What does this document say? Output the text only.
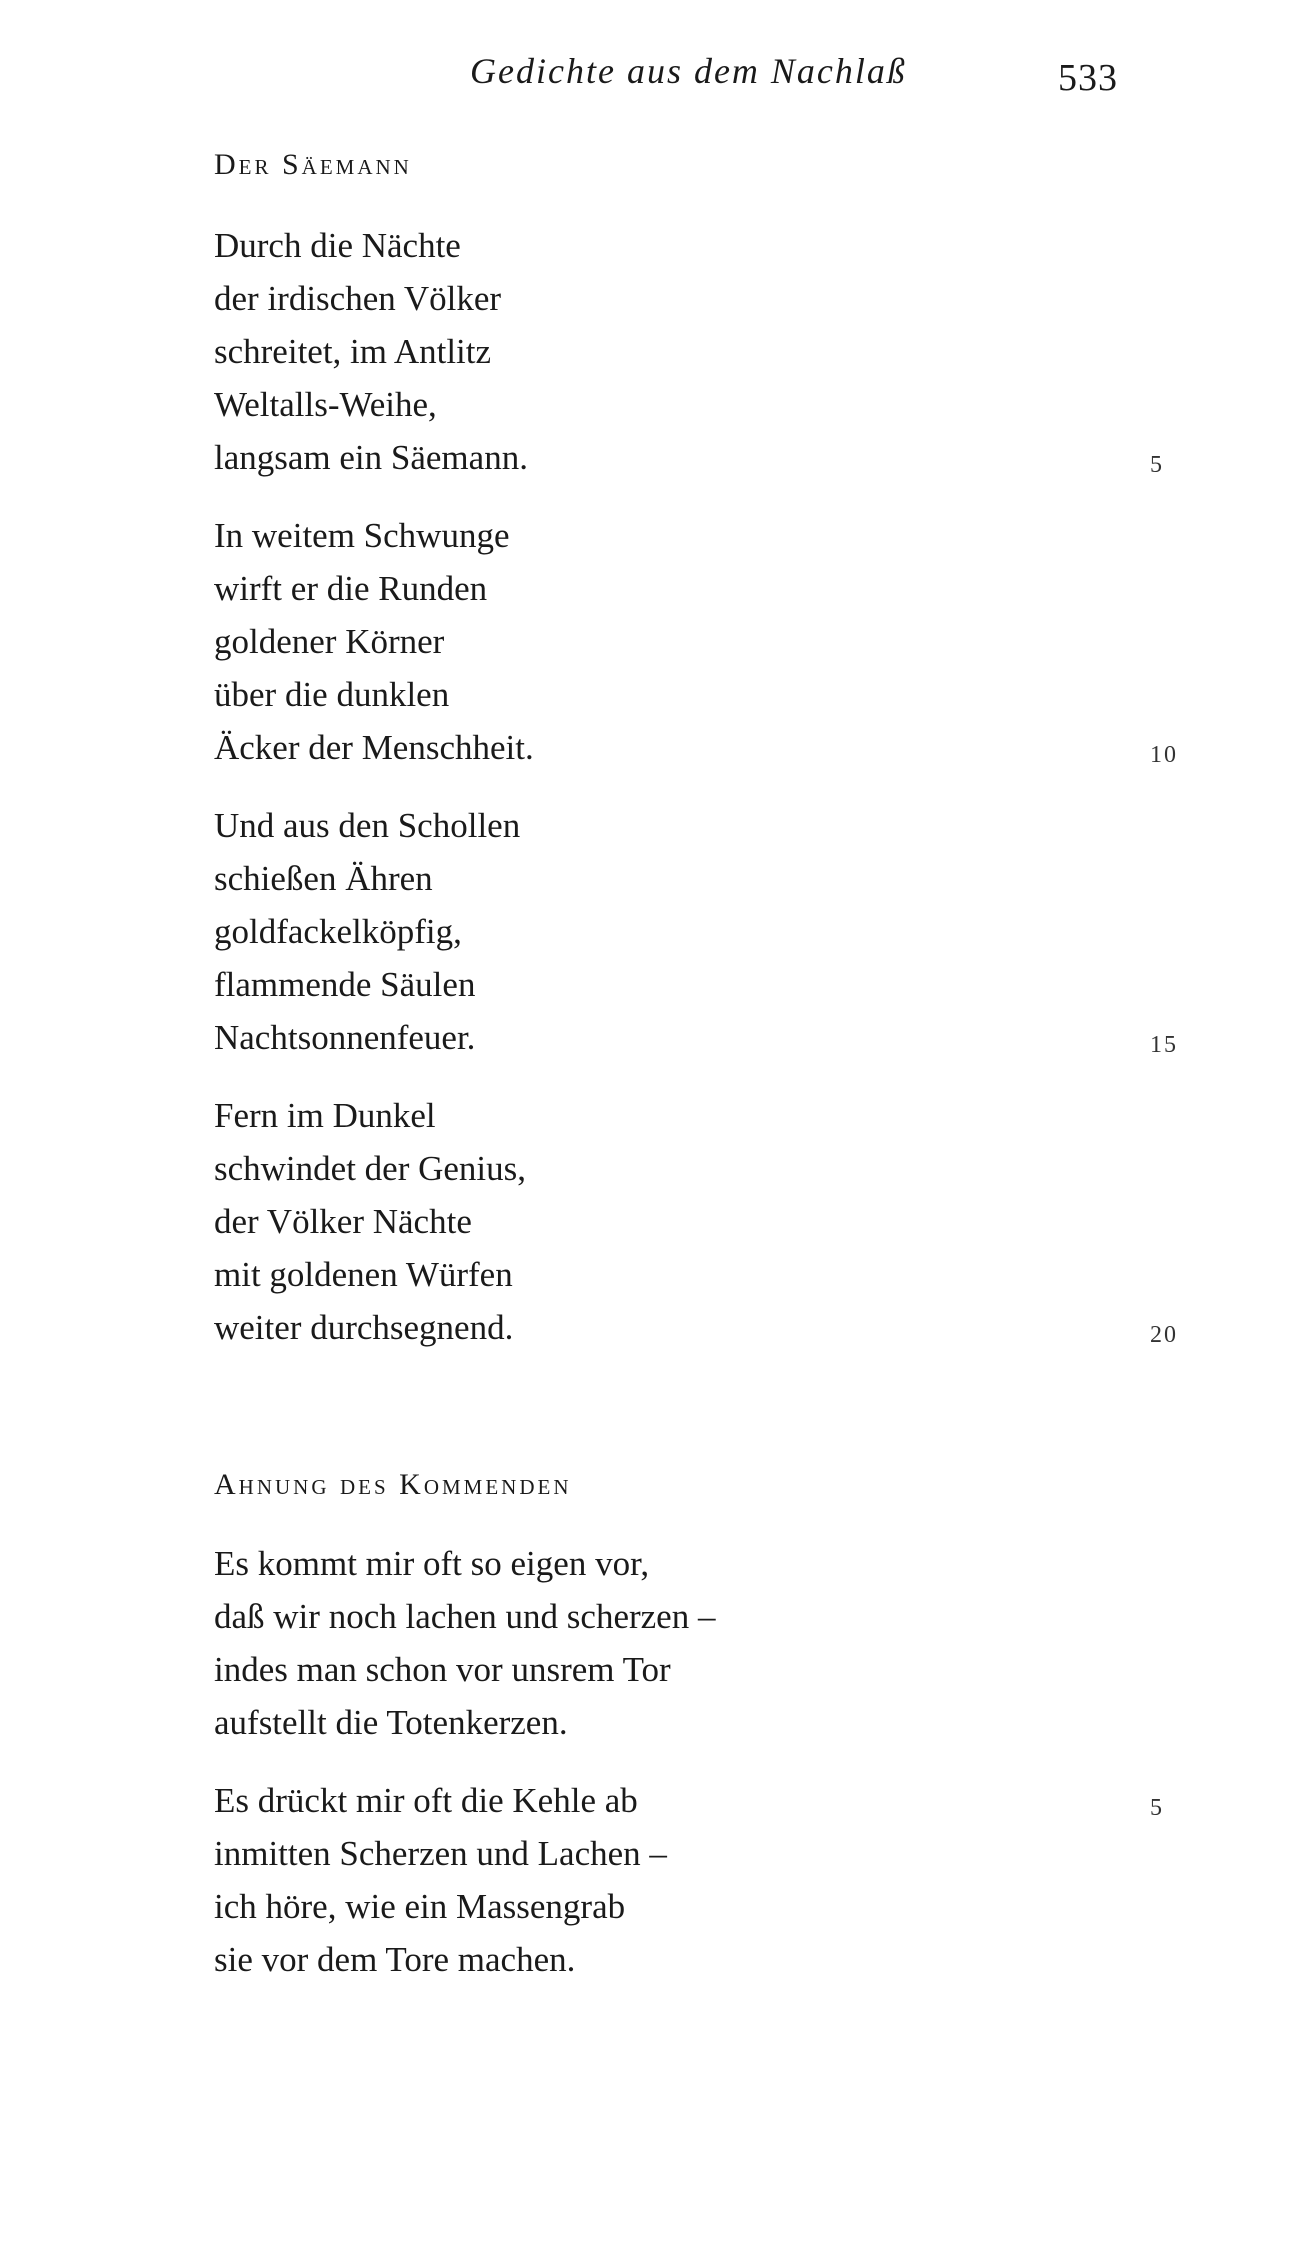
Gedichte aus dem Nachlaß	533
Der Säemann
Durch die Nächte
der irdischen Völker
schreitet, im Antlitz
Weltalls-Weihe,
langsam ein Säemann.	5
In weitem Schwunge
wirft er die Runden
goldener Körner
über die dunklen
Äcker der Menschheit.	10
Und aus den Schollen
schießen Ähren
goldfackelköpfig,
flammende Säulen
Nachtsonnenfeuer.	15
Fern im Dunkel
schwindet der Genius,
der Völker Nächte
mit goldenen Würfen
weiter durchsegnend.	20
Ahnung des Kommenden
Es kommt mir oft so eigen vor,
daß wir noch lachen und scherzen –
indes man schon vor unsrem Tor
aufstellt die Totenkerzen.
Es drückt mir oft die Kehle ab	5
inmitten Scherzen und Lachen –
ich höre, wie ein Massengrab
sie vor dem Tore machen.
